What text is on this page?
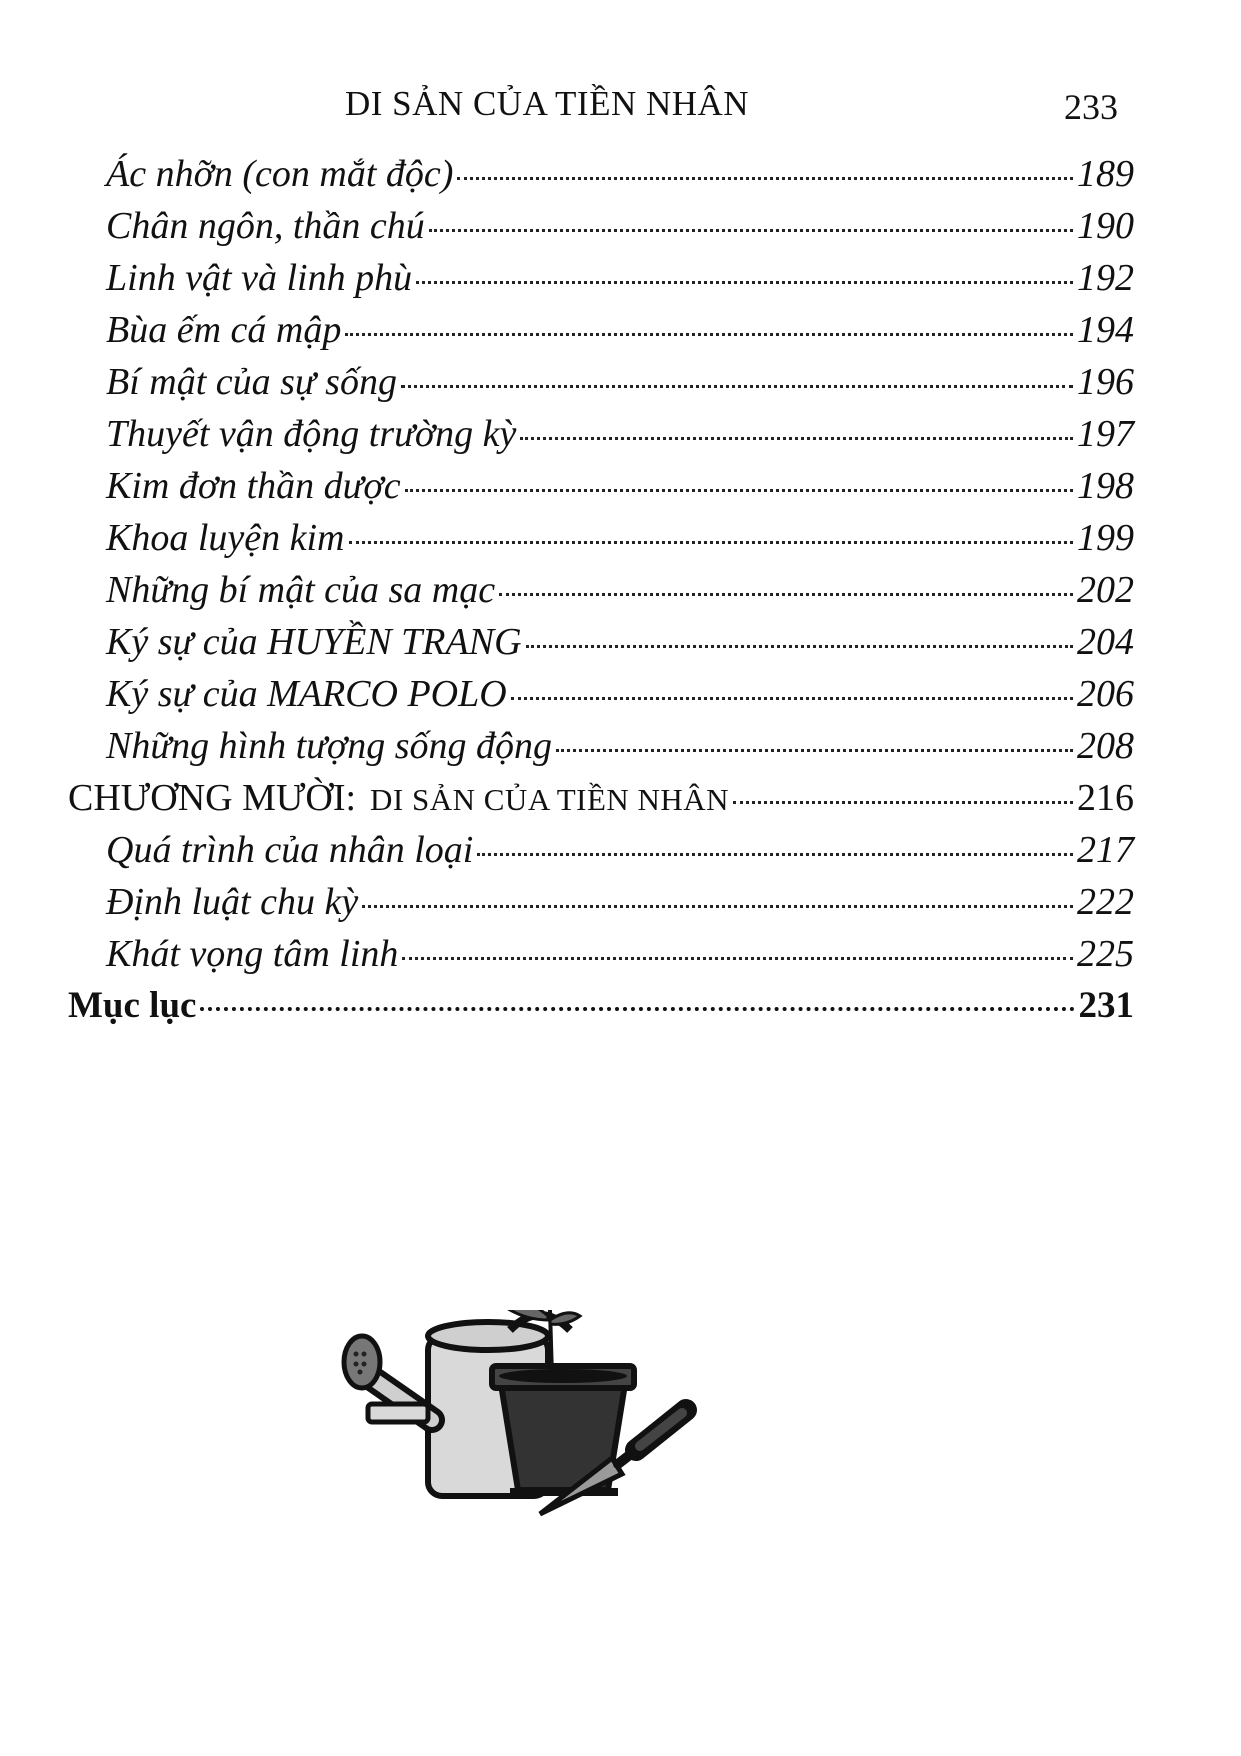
DI SẢN CỦA TIỀN NHÂN	233
Ác nhỡn (con mắt độc)	189
Chân ngôn, thần chú	190
Linh vật và linh phù	192
Bùa ếm cá mập	194
Bí mật của sự sống	196
Thuyết vận động trường kỳ	197
Kim đơn thần dược	198
Khoa luyện kim	199
Những bí mật của sa mạc	202
Ký sự của HUYỀN TRANG	204
Ký sự của MARCO POLO	206
Những hình tượng sống động	208
CHƯƠNG MƯỜI: DI SẢN CỦA TIỀN NHÂN	216
Quá trình của nhân loại	217
Định luật chu kỳ	222
Khát vọng tâm linh	225
Mục lục	231
